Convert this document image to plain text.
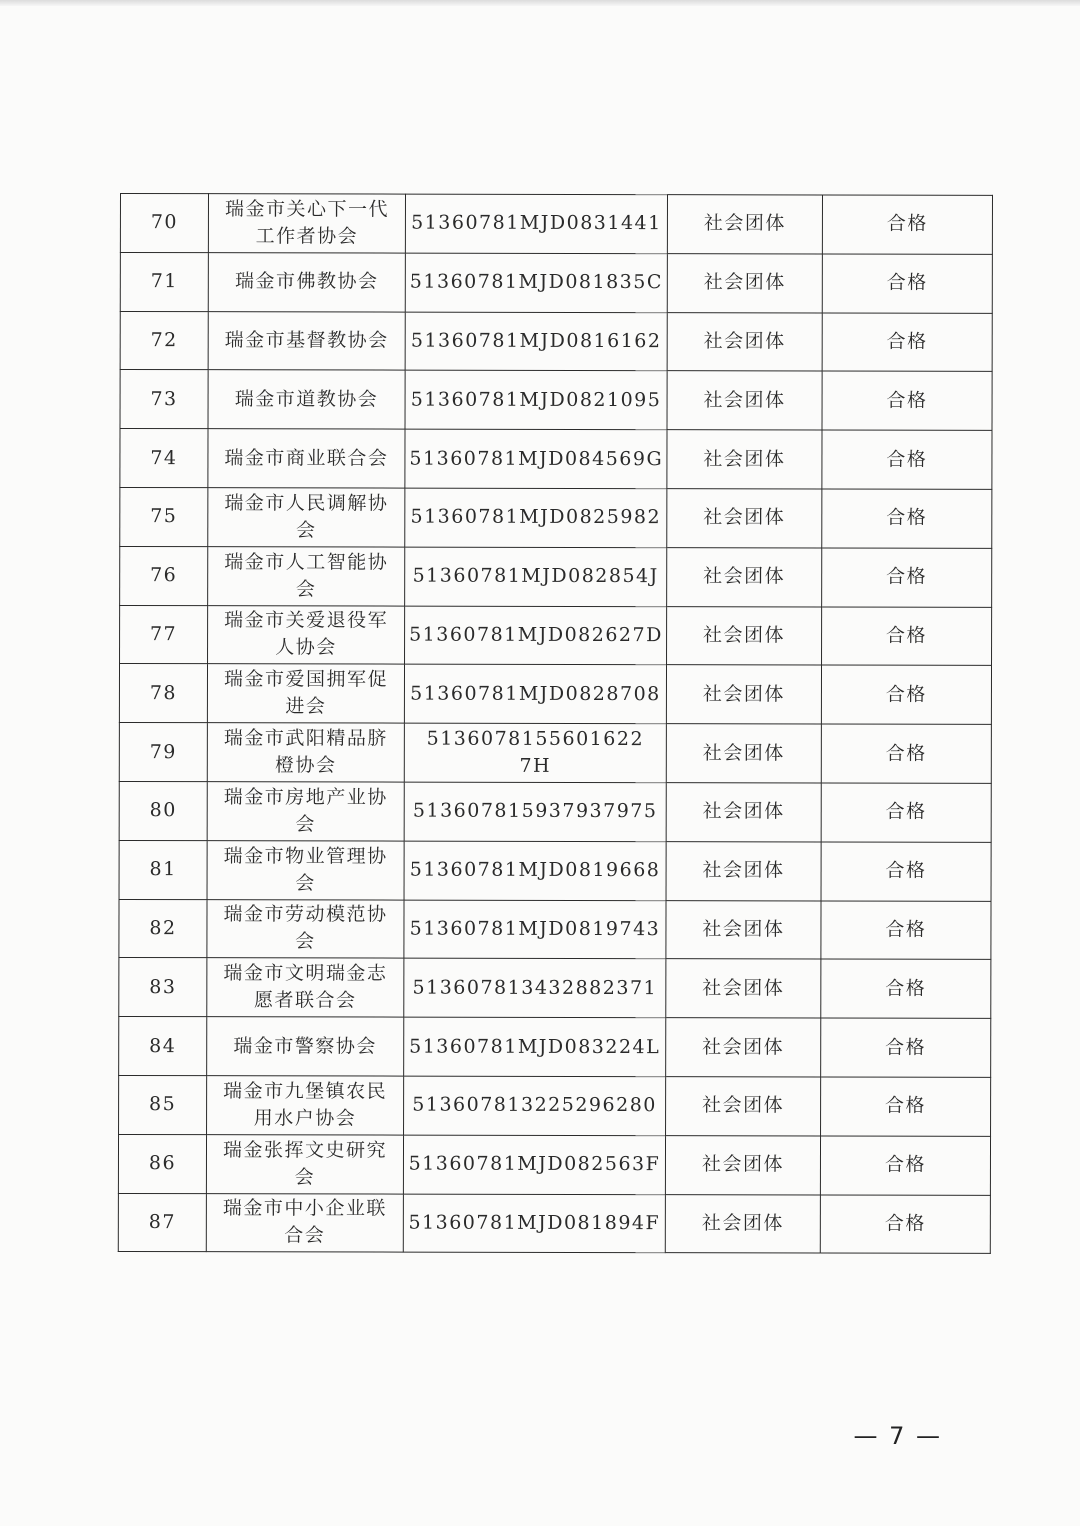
70	瑞金市关心下一代工作者协会	51360781MJD0831441	社会团体	合格
71	瑞金市佛教协会	51360781MJD081835C	社会团体	合格
72	瑞金市基督教协会	51360781MJD0816162	社会团体	合格
73	瑞金市道教协会	51360781MJD0821095	社会团体	合格
74	瑞金市商业联合会	51360781MJD084569G	社会团体	合格
75	瑞金市人民调解协会	51360781MJD0825982	社会团体	合格
76	瑞金市人工智能协会	51360781MJD082854J	社会团体	合格
77	瑞金市关爱退役军人协会	51360781MJD082627D	社会团体	合格
78	瑞金市爱国拥军促进会	51360781MJD0828708	社会团体	合格
79	瑞金市武阳精品脐橙协会	5136078155601622 7H	社会团体	合格
80	瑞金市房地产业协会	513607815937937975	社会团体	合格
81	瑞金市物业管理协会	51360781MJD0819668	社会团体	合格
82	瑞金市劳动模范协会	51360781MJD0819743	社会团体	合格
83	瑞金市文明瑞金志愿者联合会	513607813432882371	社会团体	合格
84	瑞金市警察协会	51360781MJD083224L	社会团体	合格
85	瑞金市九堡镇农民用水户协会	513607813225296280	社会团体	合格
86	瑞金张挥文史研究会	51360781MJD082563F	社会团体	合格
87	瑞金市中小企业联合会	51360781MJD081894F	社会团体	合格
— 7 —
